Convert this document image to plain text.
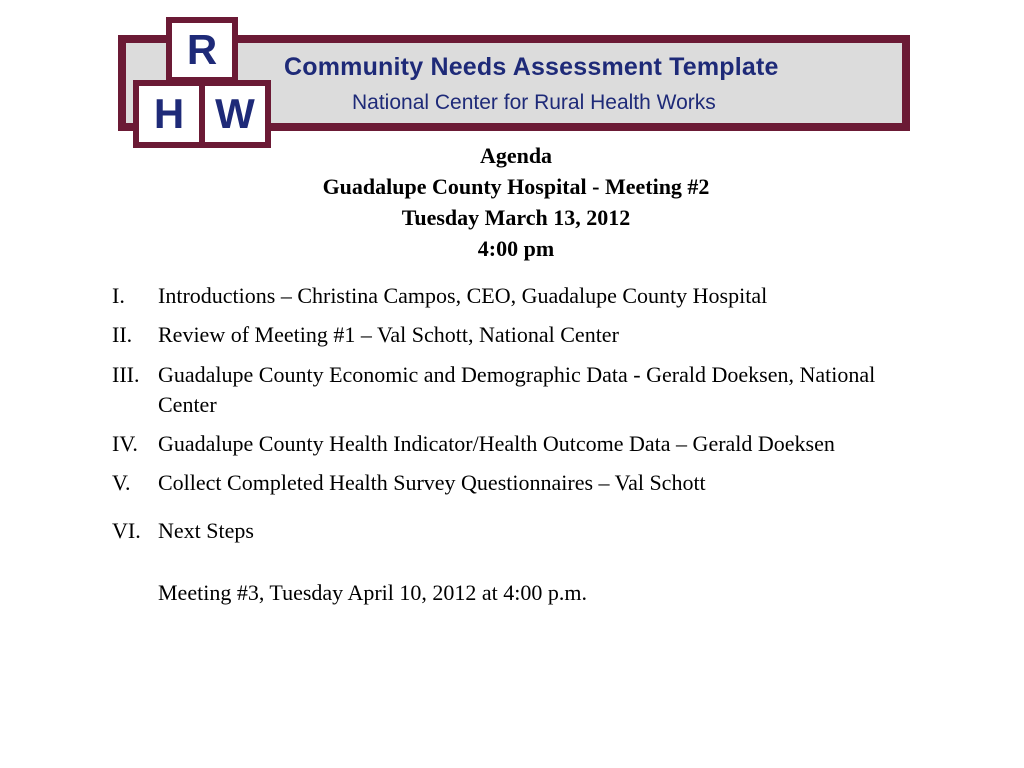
Community Needs Assessment Template
National Center for Rural Health Works
R
H W
Agenda
Guadalupe County Hospital - Meeting #2
Tuesday March 13, 2012
4:00 pm
I. Introductions – Christina Campos, CEO, Guadalupe County Hospital
II. Review of Meeting #1 – Val Schott, National Center
III. Guadalupe County Economic and Demographic Data - Gerald Doeksen, National Center
IV. Guadalupe County Health Indicator/Health Outcome Data – Gerald Doeksen
V. Collect Completed Health Survey Questionnaires – Val Schott
VI. Next Steps
Meeting #3, Tuesday April 10, 2012 at 4:00 p.m.
